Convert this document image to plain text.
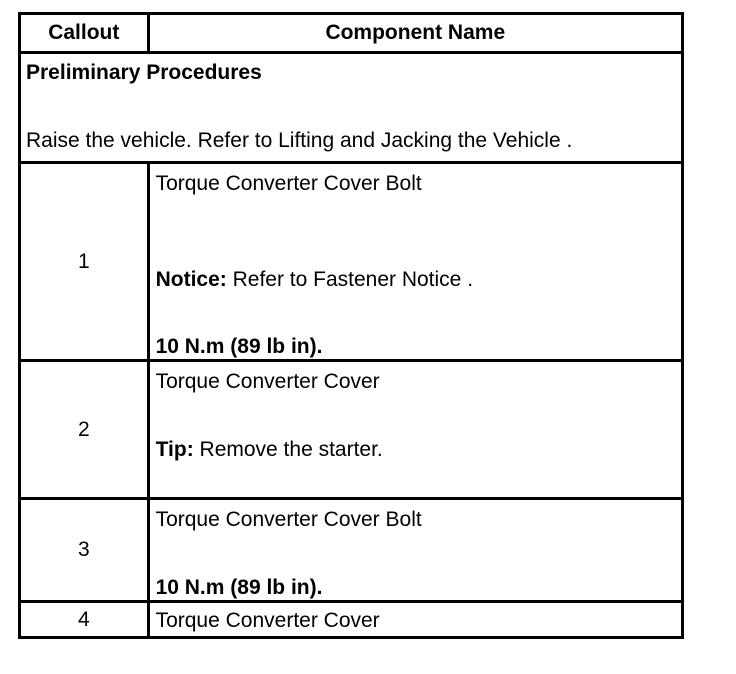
Callout	Component Name

Preliminary Procedures
Raise the vehicle. Refer to Lifting and Jacking the Vehicle .	

1	Torque Converter Cover Bolt
Notice: Refer to Fastener Notice .
10 N.m (89 lb in).

2	Torque Converter Cover
Tip: Remove the starter.

3	Torque Converter Cover Bolt
10 N.m (89 lb in).

4	Torque Converter Cover
